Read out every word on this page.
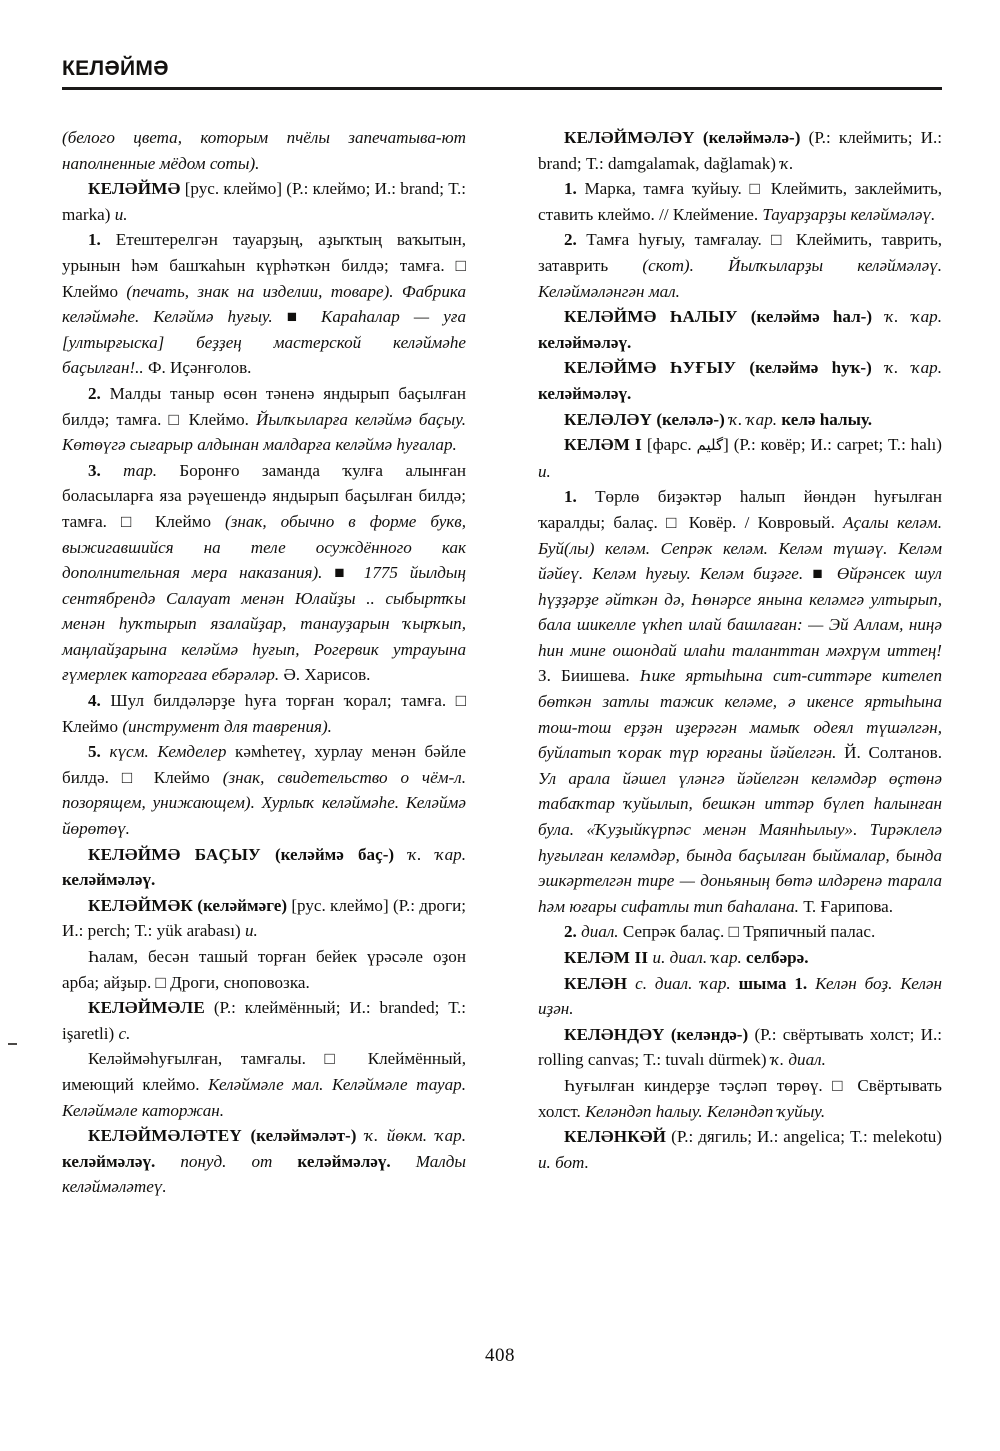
КЕЛӘЙМӘ

(белого цвета, которым пчёлы запечатыва-ют наполненные мёдом соты).

КЕЛӘЙМӘ [рус. клеймо] (Р.: клеймо; И.: brand; Т.: marka) и.

1. Етештерелгән тауарҙың, аҙыҡтың ваҡытын, урынын һәм башҡаһын күрһәткән билдә; тамға. □ Клеймо (печать, знак на изделии, товаре). Фабрика келәймәһе. Келәймә һуғыу. ■ Караһалар — уға [ултырғыска] беҙҙең мастерской келәймәһе баҫылған!.. Ф. Иҫәнғолов.

2. Малды таныр өсөн тәненә яндырып баҫылған билдә; тамға. □ Клеймо. Йылҡыларға келәймә баҫыу. Көтөүгә сығарыр алдынан малдарға келәймә һуғалар.

3. тар. Боронғо заманда ҡулға алынған боласыларға яза рәүешендә яндырып баҫылған билдә; тамға. □ Клеймо (знак, обычно в форме букв, выжигавшийся на теле осуждённого как дополнительная мера наказания). ■ 1775 йылдың сентябрендә Салауат менән Юлайҙы .. сыбыртҡы менән һуҡтырып язалайҙар, танауҙарын ҡырҡып, маңлайҙарына келәймә һуғып, Рогервик утрауына ғүмерлек каторгаға ебәрәләр. Ә. Харисов.

4. Шул билдәләрҙе һуға торған ҡорал; тамға. □ Клеймо (инструмент для таврения).

5. күсм. Кемделер кәмһетеү, хурлау менән бәйле билдә. □ Клеймо (знак, свидетельство о чём-л. позорящем, унижающем). Хурлыҡ келәймәһе. Келәймә йөрөтөү.

КЕЛӘЙМӘ БАҪЫУ (келәймә баҫ-) ҡ. ҡар. келәймәләү.

КЕЛӘЙМӘК (келәймәге) [рус. клеймо] (Р.: дроги; И.: perch; Т.: yük arabası) и.

Һалам, бесән ташый торған бейек үрәсәле оҙон арба; айҙыр. □ Дроги, сноповозка.

КЕЛӘЙМӘЛЕ (Р.: клеймённый; И.: branded; Т.: işaretli) с.

Келәймәһуғылған, тамғалы. □ Клеймённый, имеющий клеймо. Келәймәле мал. Келәймәле тауар. Келәймәле каторжан.

КЕЛӘЙМӘЛӘТЕҮ (келәймәләт-) ҡ. йөкм. ҡар. келәймәләү. понуд. от келәймәләү. Малды келәймәләтеү.

КЕЛӘЙМӘЛӘҮ (келәймәлә-) (Р.: клеймить; И.: brand; Т.: damgalamak, dağlamak) ҡ.

1. Марка, тамға ҡуйыу. □ Клеймить, заклеймить, ставить клеймо. // Клеймение. Тауарҙарҙы келәймәләү.

2. Тамға һуғыу, тамғалау. □ Клеймить, таврить, затаврить (скот). Йылҡыларҙы келәймәләү. Келәймәләнгән мал.

КЕЛӘЙМӘ ҺАЛЫУ (келәймә һал-) ҡ. ҡар. келәймәләү.

КЕЛӘЙМӘ ҺУҒЫУ (келәймә һуҡ-) ҡ. ҡар. келәймәләү.

КЕЛӘЛӘҮ (келәлә-) ҡ. ҡар. келә һалыу.

КЕЛӘМ I [фарс. گلیم] (Р.: ковёр; И.: carpet; Т.: halı) и.

1. Төрлө биҙәктәр һалып йөндән һуғылған ҡаралды; балаҫ. □ Ковёр. / Ковровый. Аҫалы келәм. Буй(лы) келәм. Сепрәк келәм. Келәм түшәү. Келәм йәйеү. Келәм һуғыу. Келәм биҙәге. ■ Өйрәнсек шул һүҙҙәрҙе әйткән дә, Һөнәрсе янына келәмгә ултырып, бала шикелле үкһеп илай башлаған: — Эй Аллам, ниңә һин мине ошондай илаһи таланттан мәхрүм иттең! З. Биишева. Һике яртыһына сит-ситтәре кителеп бөткән затлы тажик келәме, ә икенсе яртыһына тош-тош ерҙән иҙерәгән мамыҡ одеял түшәлгән, буйлатып ҡорак түр юрғаны йәйелгән. Й. Солтанов. Ул арала йәшел үләнгә йәйелгән келәмдәр өҫтөнә табаҡтар ҡуйылып, бешкән иттәр бүлеп һалынған була. «Ҡуҙыйкүрпәс менән Маянһылыу». Тирәклелә һуғылған келәмдәр, бында баҫылған быймалар, бында эшкәртелгән тире — доньяның бөтә илдәренә тарала һәм юғары сифатлы тип баһалана. Т. Ғарипова.

2. диал. Сепрәк балаҫ. □ Тряпичный палас.

КЕЛӘМ II и. диал. ҡар. селбәрә.

КЕЛӘН с. диал. ҡар. шыма 1. Келән боҙ. Келән иҙән.

КЕЛӘНДӘҮ (келәндә-) (Р.: свёртывать холст; И.: rolling canvas; Т.: tuvalı dürmek) ҡ. диал.

Һуғылған киндерҙе тәҫләп төрөү. □ Свёртывать холст. Келәндәп һалыу. Келәндәп ҡуйыу.

КЕЛӘНКӘЙ (Р.: дягиль; И.: angelica; Т.: melekotu) и. бот.

408
